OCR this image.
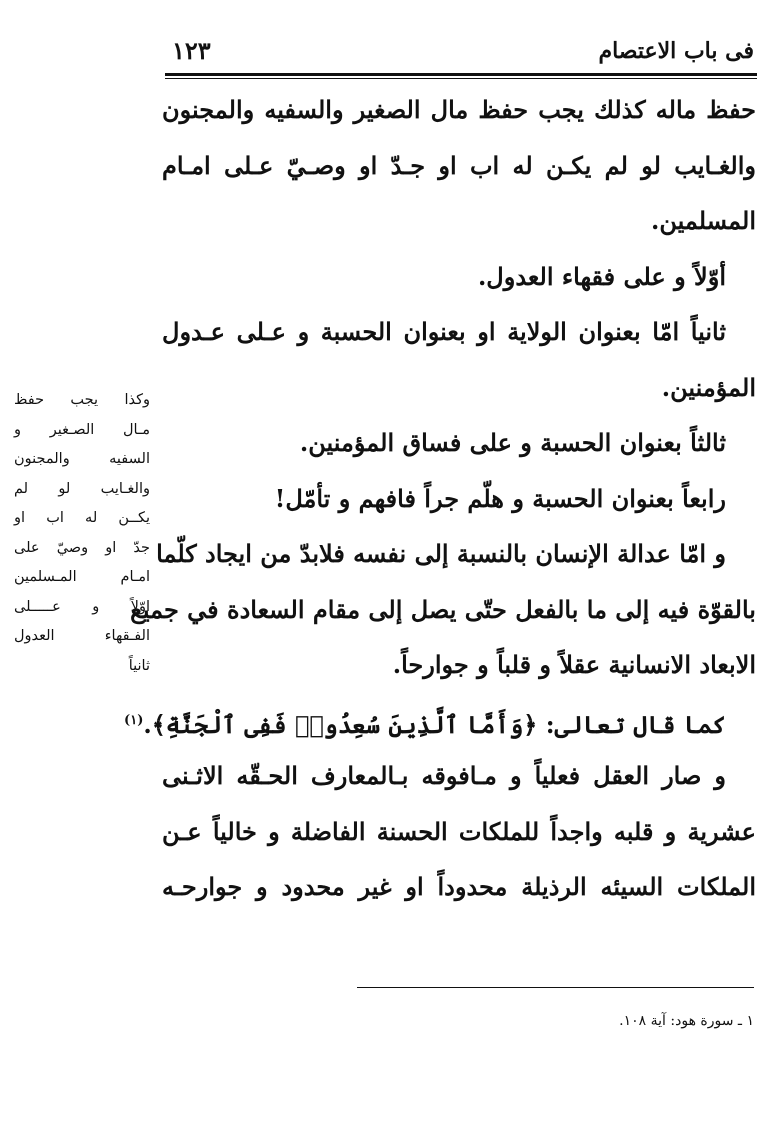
فى باب الاعتصام
١٢٣
حفظ ماله كذلك يجب حفظ مال الصغير والسفيه والمجنون
والغـايب لو لم يكـن له اب او جـدّ او وصـيّ عـلى امـام
المسلمين.
أوّلاً و على فقهاء العدول.
ثانياً امّا بعنوان الولاية او بعنوان الحسبة و عـلى عـدول
المؤمنين.
ثالثاً بعنوان الحسبة و على فساق المؤمنين.
رابعاً بعنوان الحسبة و هلّم جراً فافهم و تأمّل!
و امّا عدالة الإنسان بالنسبة إلى نفسه فلابدّ من ايجاد كلّما
بالقوّة فيه إلى ما بالفعل حتّى يصل إلى مقام السعادة في جميع
الابعاد الانسانية عقلاً و قلباً و جوارحاً.
كما قال تعالى: ﴿وَأَمَّا ٱلَّذِينَ سُعِدُوا۟ فَفِى ٱلْجَنَّةِ﴾.$^{(١)}$
و صار العقل فعلياً و مـافوقه بـالمعارف الحـقّه الاثـنى
عشرية و قلبه واجداً للملكات الحسنة الفاضلة و خالياً عـن
الملكات السيئه الرذيلة محدوداً او غير محدود و جوارحـه
وكذا يجب حفظ
مـال الصـغير و
السفيه والمجنون
والغـايب لو لم
يكــن له اب او
جدّ او وصيّ على
امـام المـسلمين
اوّلاً و عـــــلى
الفـقهاء العدول
ثانياً
١ ـ سورة هود: آية ١٠٨.
